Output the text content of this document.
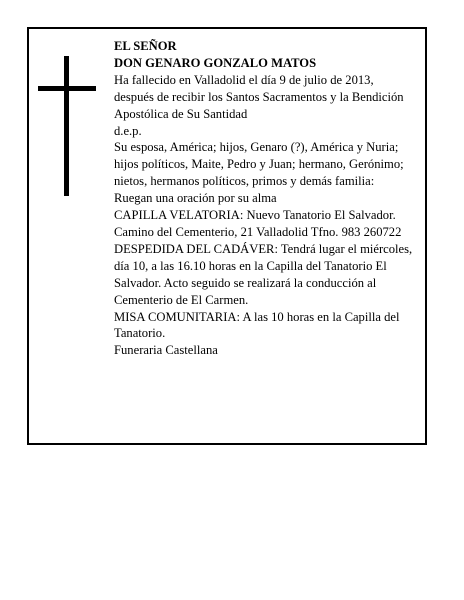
EL SEÑOR

DON GENARO GONZALO MATOS

Ha fallecido en Valladolid el día 9 de julio de 2013, después de recibir los Santos Sacramentos y la Bendición Apostólica de Su Santidad

d.e.p.

Su esposa, América; hijos, Genaro (?), América y Nuria; hijos políticos, Maite, Pedro y Juan; hermano, Gerónimo; nietos, hermanos políticos, primos y demás familia:

Ruegan una oración por su alma

CAPILLA VELATORIA: Nuevo Tanatorio El Salvador. Camino del Cementerio, 21 Valladolid Tfno. 983 260722

DESPEDIDA DEL CADÁVER: Tendrá lugar el miércoles, día 10, a las 16.10 horas en la Capilla del Tanatorio El Salvador. Acto seguido se realizará la conducción al Cementerio de El Carmen.

MISA COMUNITARIA: A las 10 horas en la Capilla del Tanatorio.

Funeraria Castellana
